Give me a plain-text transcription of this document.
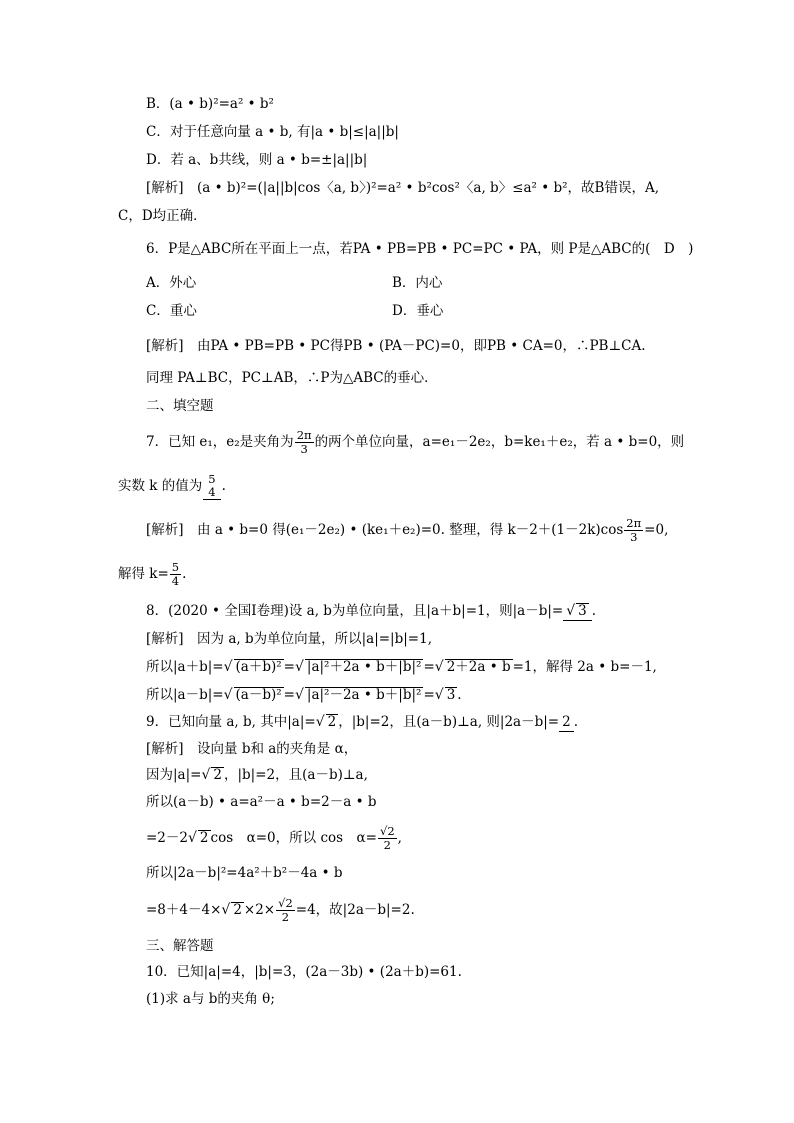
B．(a • b)²=a² • b²
C．对于任意向量 a • b, 有|a • b|≤|a||b|
D．若 a、b共线，则 a • b=±|a||b|
[解析]　(a • b)²=(|a||b|cos〈a, b〉)²=a² • b²cos²〈a, b〉≤a² • b²，故B错误，A,
C，D均正确．
6．P是△ABC所在平面上一点，若PA • PB=PB • PC=PC • PA，则 P是△ABC的(　D　)
A．外心	B．内心
C．重心	D．垂心
[解析]　由PA • PB=PB • PC得PB • (PA－PC)=0，即PB • CA=0，∴PB⊥CA.
同理 PA⊥BC，PC⊥AB，∴P为△ABC的垂心．
二、填空题
7．已知 e₁，e₂是夹角为 $\frac{2\pi}{3}$ 的两个单位向量，a=e₁－2e₂，b=ke₁＋e₂，若 a • b=0，则
实数 k 的值为 5
4 .
[解析]　由 a • b=0 得(e₁－2e₂) • (ke₁＋e₂)=0. 整理，得 $k-2+(1-2k)\cos \frac{2\pi}{3} =0$,
解得 $k= \frac{5}{4}$ .
8．(2020 • 全国Ⅰ卷理)设 a, b为单位向量，且|a＋b|=1，则|a－b|= √ 3 .
[解析]　因为 a, b为单位向量，所以|a|=|b|=1,
所以|a＋b|=√ (a＋b)² =√ |a|²＋2a • b＋|b|² =√ 2＋2a • b =1，解得 2a • b=－1,
所以|a－b|=√ (a－b)² =√ |a|²－2a • b＋|b|² =√ 3 .
9．已知向量 a, b, 其中|a|=√ 2 ，|b|=2，且(a－b)⊥a, 则|2a－b|= 2 .
[解析]　设向量 b和 a的夹角是 α，
因为|a|=√ 2 ，|b|=2，且(a－b)⊥a,
所以(a－b) • a=a²－a • b=2－a • b
=2－2√ 2 cos　α=0，所以 cos　$\alpha= \frac{√2}{2}$ ,
所以|2a－b|²=4a²＋b²－4a • b
=8＋4－4×√ $2 \times 2\times \frac{√2}{2} =4$，故|2a－b|=2.
三、解答题
10．已知|a|=4，|b|=3，(2a－3b) • (2a＋b)=61.
(1)求 a与 b的夹角 θ;
